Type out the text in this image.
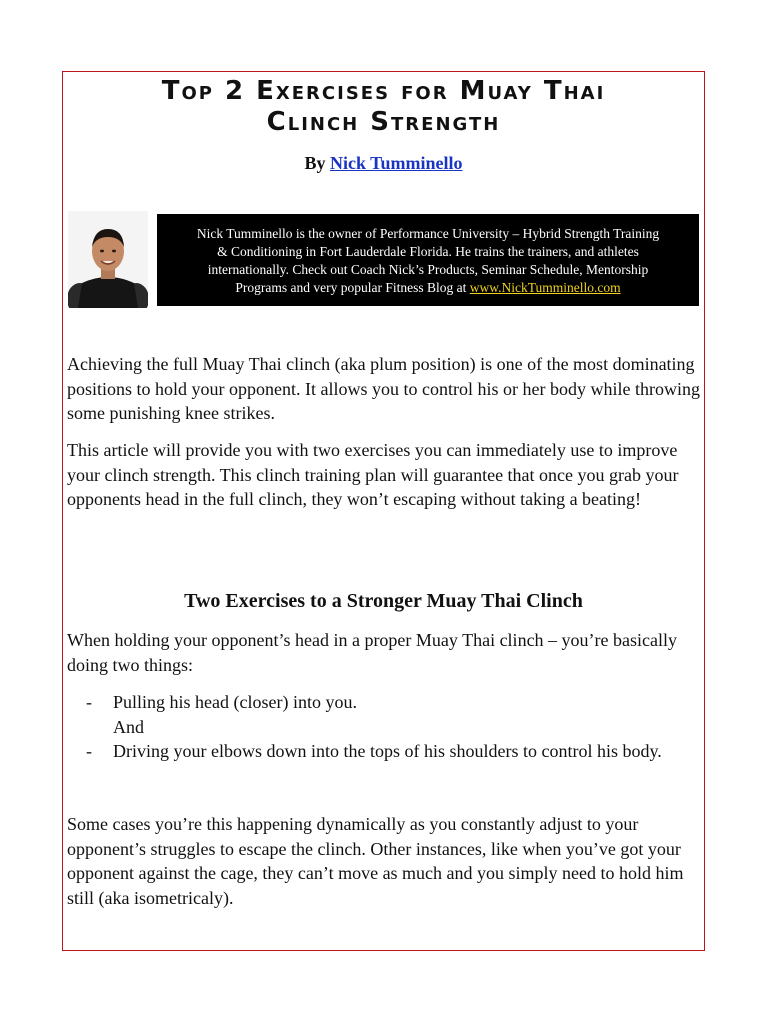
Top 2 Exercises for Muay Thai
Clinch Strength
By Nick Tumminello
Nick Tumminello is the owner of Performance University – Hybrid Strength Training
& Conditioning in Fort Lauderdale Florida. He trains the trainers, and athletes
internationally. Check out Coach Nick’s Products, Seminar Schedule, Mentorship
Programs and very popular Fitness Blog at www.NickTumminello.com

Achieving the full Muay Thai clinch (aka plum position) is one of the most dominating positions to hold your opponent. It allows you to control his or her body while throwing some punishing knee strikes.

This article will provide you with two exercises you can immediately use to improve your clinch strength. This clinch training plan will guarantee that once you grab your opponents head in the full clinch, they won’t escaping without taking a beating!

Two Exercises to a Stronger Muay Thai Clinch

When holding your opponent’s head in a proper Muay Thai clinch – you’re basically doing two things:

- Pulling his head (closer) into you.
And
- Driving your elbows down into the tops of his shoulders to control his body.

Some cases you’re this happening dynamically as you constantly adjust to your opponent’s struggles to escape the clinch. Other instances, like when you’ve got your opponent against the cage, they can’t move as much and you simply need to hold him still (aka isometricaly).
